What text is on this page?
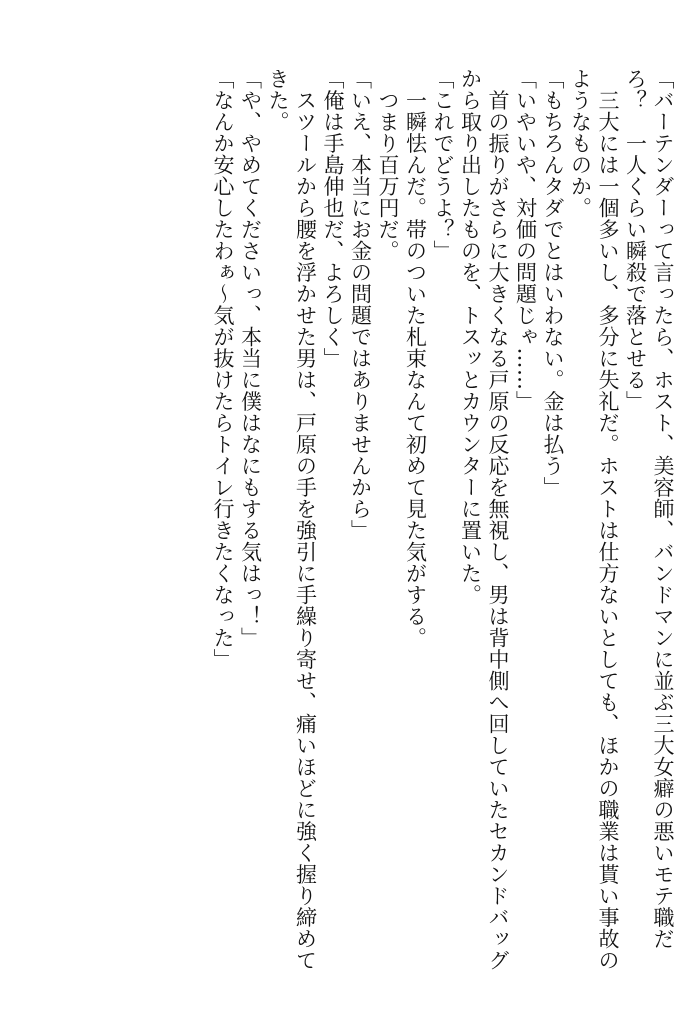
「バーテンダーって言ったら、ホスト、美容師、バンドマンに並ぶ三大女癖の悪いモテ職だ
ろ？　一人くらい瞬殺で落とせる」
　三大には一個多いし、多分に失礼だ。ホストは仕方ないとしても、ほかの職業は貰い事故の
ようなものか。
「もちろんタダでとはいわない。金は払う」
「いやいや、対価の問題じゃ……」
　首の振りがさらに大きくなる戸原の反応を無視し、男は背中側へ回していたセカンドバッグ
から取り出したものを、トスッとカウンターに置いた。
「これでどうよ？」
　一瞬怯んだ。帯のついた札束なんて初めて見た気がする。
　つまり百万円だ。
「いえ、本当にお金の問題ではありませんから」
「俺は手島伸也だ、よろしく」
　スツールから腰を浮かせた男は、戸原の手を強引に手繰り寄せ、痛いほどに強く握り締めて
きた。
「や、やめてくださいっ、本当に僕はなにもする気はっ！」
「なんか安心したわぁ〜気が抜けたらトイレ行きたくなった」
